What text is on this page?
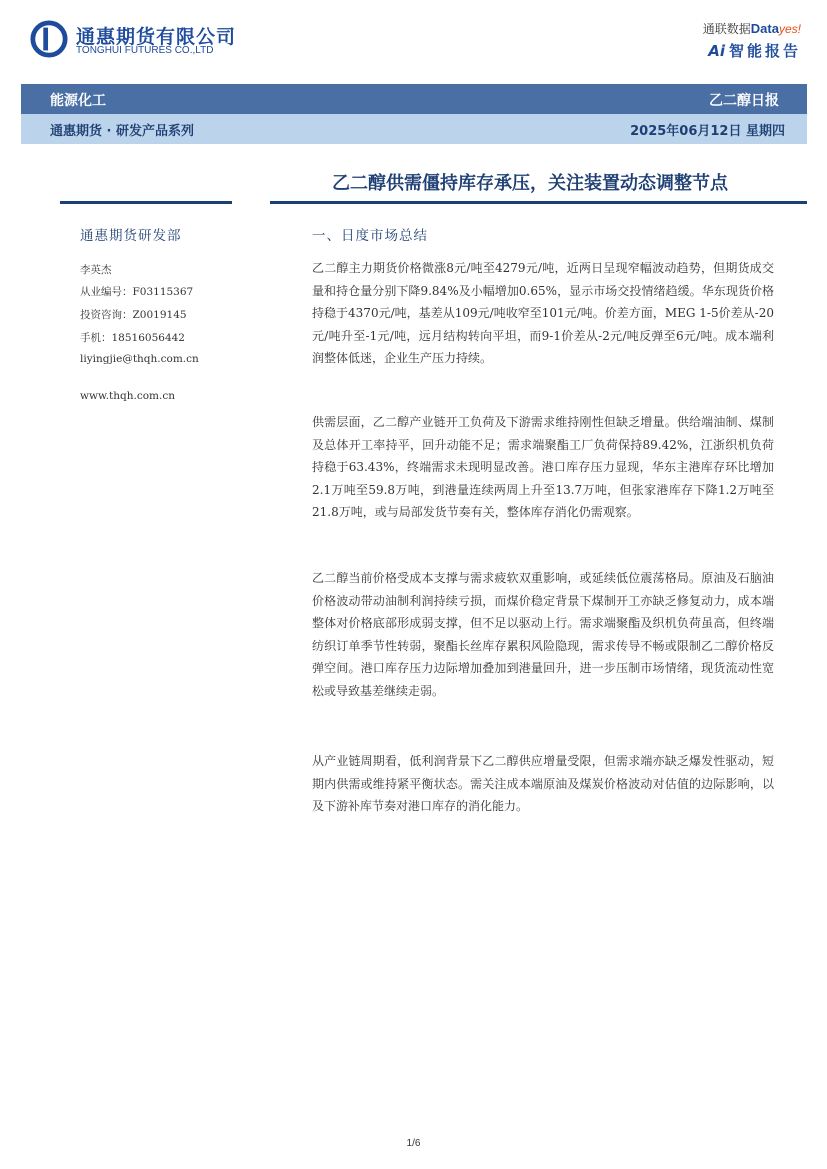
通惠期货有限公司
TONGHUI FUTURES CO.,LTD
通联数据Datayes!
Ai 智能报告
能源化工	乙二醇日报
通惠期货 · 研发产品系列	2025年06月12日 星期四
乙二醇供需僵持库存承压，关注装置动态调整节点
通惠期货研发部
李英杰
从业编号：F03115367
投资咨询：Z0019145
手机：18516056442
liyingjie@thqh.com.cn
www.thqh.com.cn
一、日度市场总结

乙二醇主力期货价格微涨8元/吨至4279元/吨，近两日呈现窄幅波动趋势，但期货成交量和持仓量分别下降9.84%及小幅增加0.65%，显示市场交投情绪趋缓。华东现货价格持稳于4370元/吨，基差从109元/吨收窄至101元/吨。价差方面，MEG 1-5价差从-20元/吨升至-1元/吨，远月结构转向平坦，而9-1价差从-2元/吨反弹至6元/吨。成本端利润整体低迷，企业生产压力持续。

供需层面，乙二醇产业链开工负荷及下游需求维持刚性但缺乏增量。供给端油制、煤制及总体开工率持平，回升动能不足；需求端聚酯工厂负荷保持89.42%，江浙织机负荷持稳于63.43%，终端需求未现明显改善。港口库存压力显现，华东主港库存环比增加2.1万吨至59.8万吨，到港量连续两周上升至13.7万吨，但张家港库存下降1.2万吨至21.8万吨，或与局部发货节奏有关，整体库存消化仍需观察。

乙二醇当前价格受成本支撑与需求疲软双重影响，或延续低位震荡格局。原油及石脑油价格波动带动油制利润持续亏损，而煤价稳定背景下煤制开工亦缺乏修复动力，成本端整体对价格底部形成弱支撑，但不足以驱动上行。需求端聚酯及织机负荷虽高，但终端纺织订单季节性转弱，聚酯长丝库存累积风险隐现，需求传导不畅或限制乙二醇价格反弹空间。港口库存压力边际增加叠加到港量回升，进一步压制市场情绪，现货流动性宽松或导致基差继续走弱。

从产业链周期看，低利润背景下乙二醇供应增量受限，但需求端亦缺乏爆发性驱动，短期内供需或维持紧平衡状态。需关注成本端原油及煤炭价格波动对估值的边际影响，以及下游补库节奏对港口库存的消化能力。

1/6
